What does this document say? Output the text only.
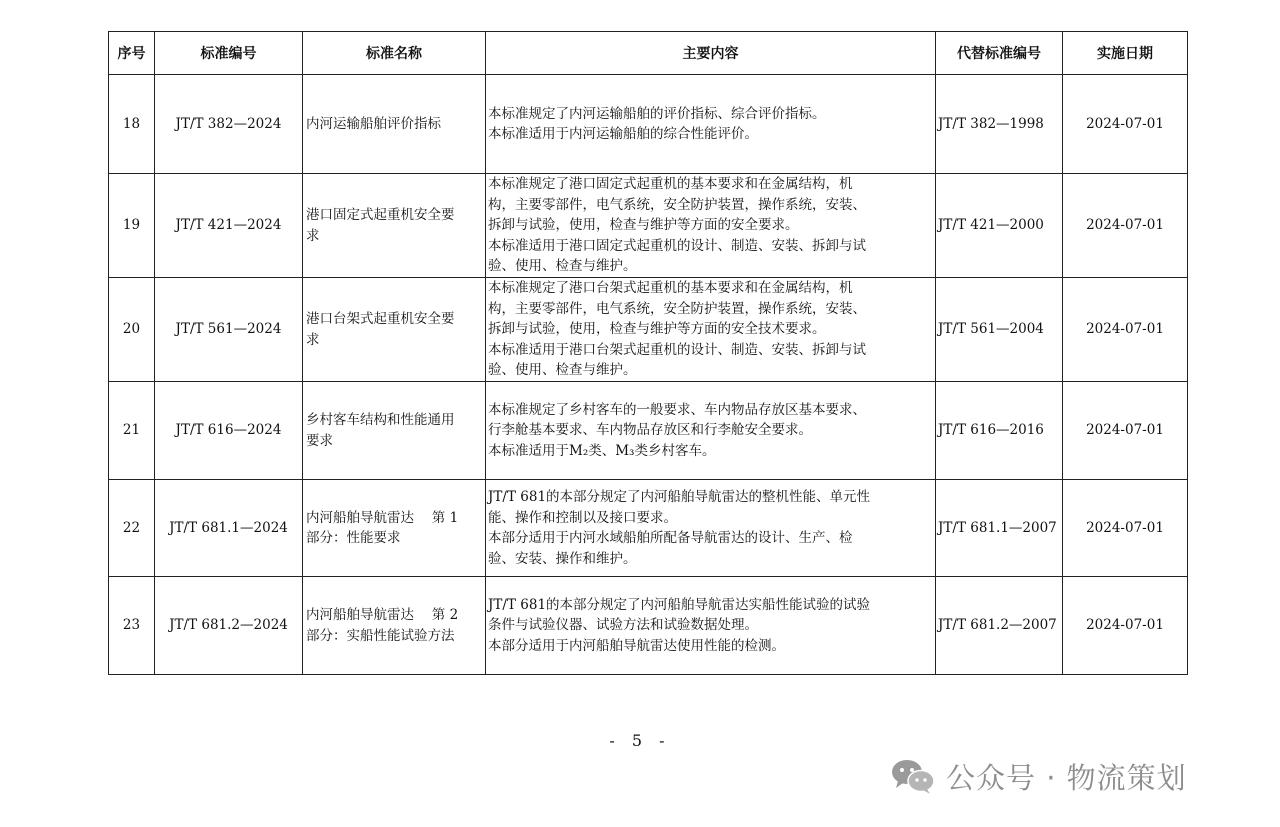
序号	标准编号	标准名称	主要内容	代替标准编号	实施日期
18	JT/T 382—2024	内河运输船舶评价指标	本标准规定了内河运输船舶的评价指标、综合评价指标。
本标准适用于内河运输船舶的综合性能评价。	JT/T 382—1998	2024-07-01
19	JT/T 421—2024	港口固定式起重机安全要
求	本标准规定了港口固定式起重机的基本要求和在金属结构，机
构，主要零部件，电气系统，安全防护装置，操作系统，安装、
拆卸与试验，使用，检查与维护等方面的安全要求。
本标准适用于港口固定式起重机的设计、制造、安装、拆卸与试
验、使用、检查与维护。	JT/T 421—2000	2024-07-01
20	JT/T 561—2024	港口台架式起重机安全要
求	本标准规定了港口台架式起重机的基本要求和在金属结构，机
构，主要零部件，电气系统，安全防护装置，操作系统，安装、
拆卸与试验，使用，检查与维护等方面的安全技术要求。
本标准适用于港口台架式起重机的设计、制造、安装、拆卸与试
验、使用、检查与维护。	JT/T 561—2004	2024-07-01
21	JT/T 616—2024	乡村客车结构和性能通用
要求	本标准规定了乡村客车的一般要求、车内物品存放区基本要求、
行李舱基本要求、车内物品存放区和行李舱安全要求。
本标准适用于M₂类、M₃类乡村客车。	JT/T 616—2016	2024-07-01
22	JT/T 681.1—2024	内河船舶导航雷达　 第 1
部分：性能要求	JT/T 681的本部分规定了内河船舶导航雷达的整机性能、单元性
能、操作和控制以及接口要求。
本部分适用于内河水域船舶所配备导航雷达的设计、生产、检
验、安装、操作和维护。	JT/T 681.1—2007	2024-07-01
23	JT/T 681.2—2024	内河船舶导航雷达　 第 2
部分：实船性能试验方法	JT/T 681的本部分规定了内河船舶导航雷达实船性能试验的试验
条件与试验仪器、试验方法和试验数据处理。
本部分适用于内河船舶导航雷达使用性能的检测。	JT/T 681.2—2007	2024-07-01
- 5 -
公众号 · 物流策划
